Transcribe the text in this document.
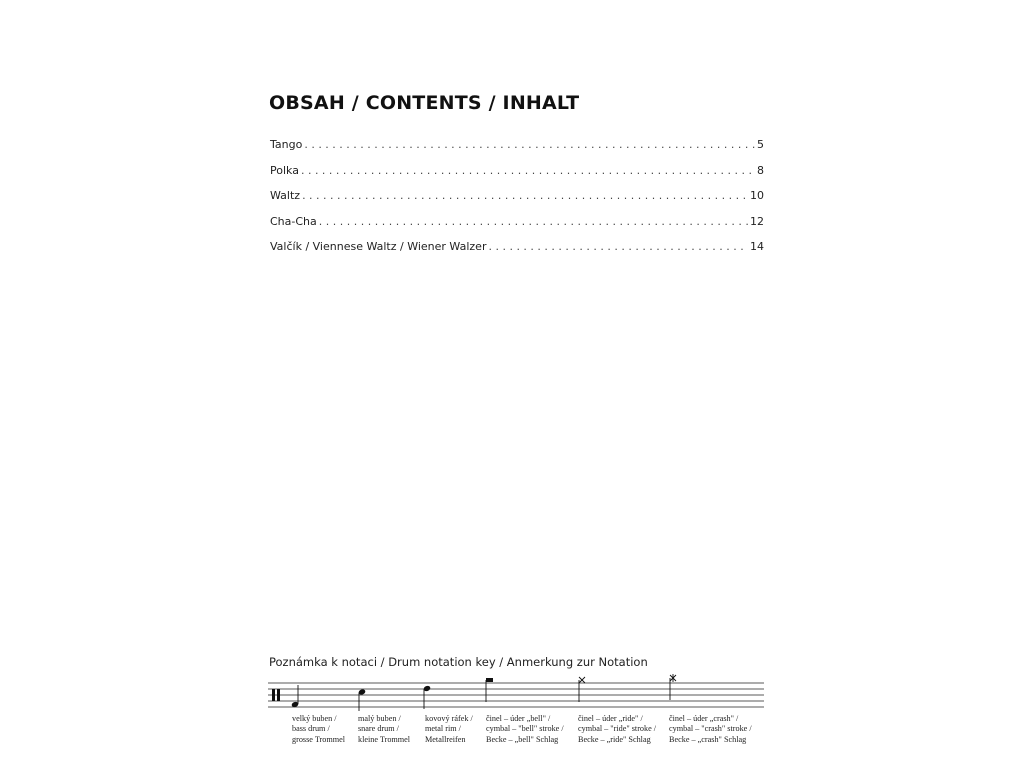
OBSAH / CONTENTS / INHALT
Tango . . .	5
Polka . . .	8
Waltz . . .	10
Cha-Cha . . .	12
Valčík / Viennese Waltz / Wiener Walzer . . .	14

Poznámka k notaci / Drum notation key / Anmerkung zur Notation

velký buben /
bass drum /
grosse Trommel
malý buben /
snare drum /
kleine Trommel
kovový ráfek /
metal rim /
Metallreifen
činel – úder „bell" /
cymbal – "bell" stroke /
Becke – „bell" Schlag
činel – úder „ride" /
cymbal – "ride" stroke /
Becke – „ride" Schlag
činel – úder „crash" /
cymbal – "crash" stroke /
Becke – „crash" Schlag
